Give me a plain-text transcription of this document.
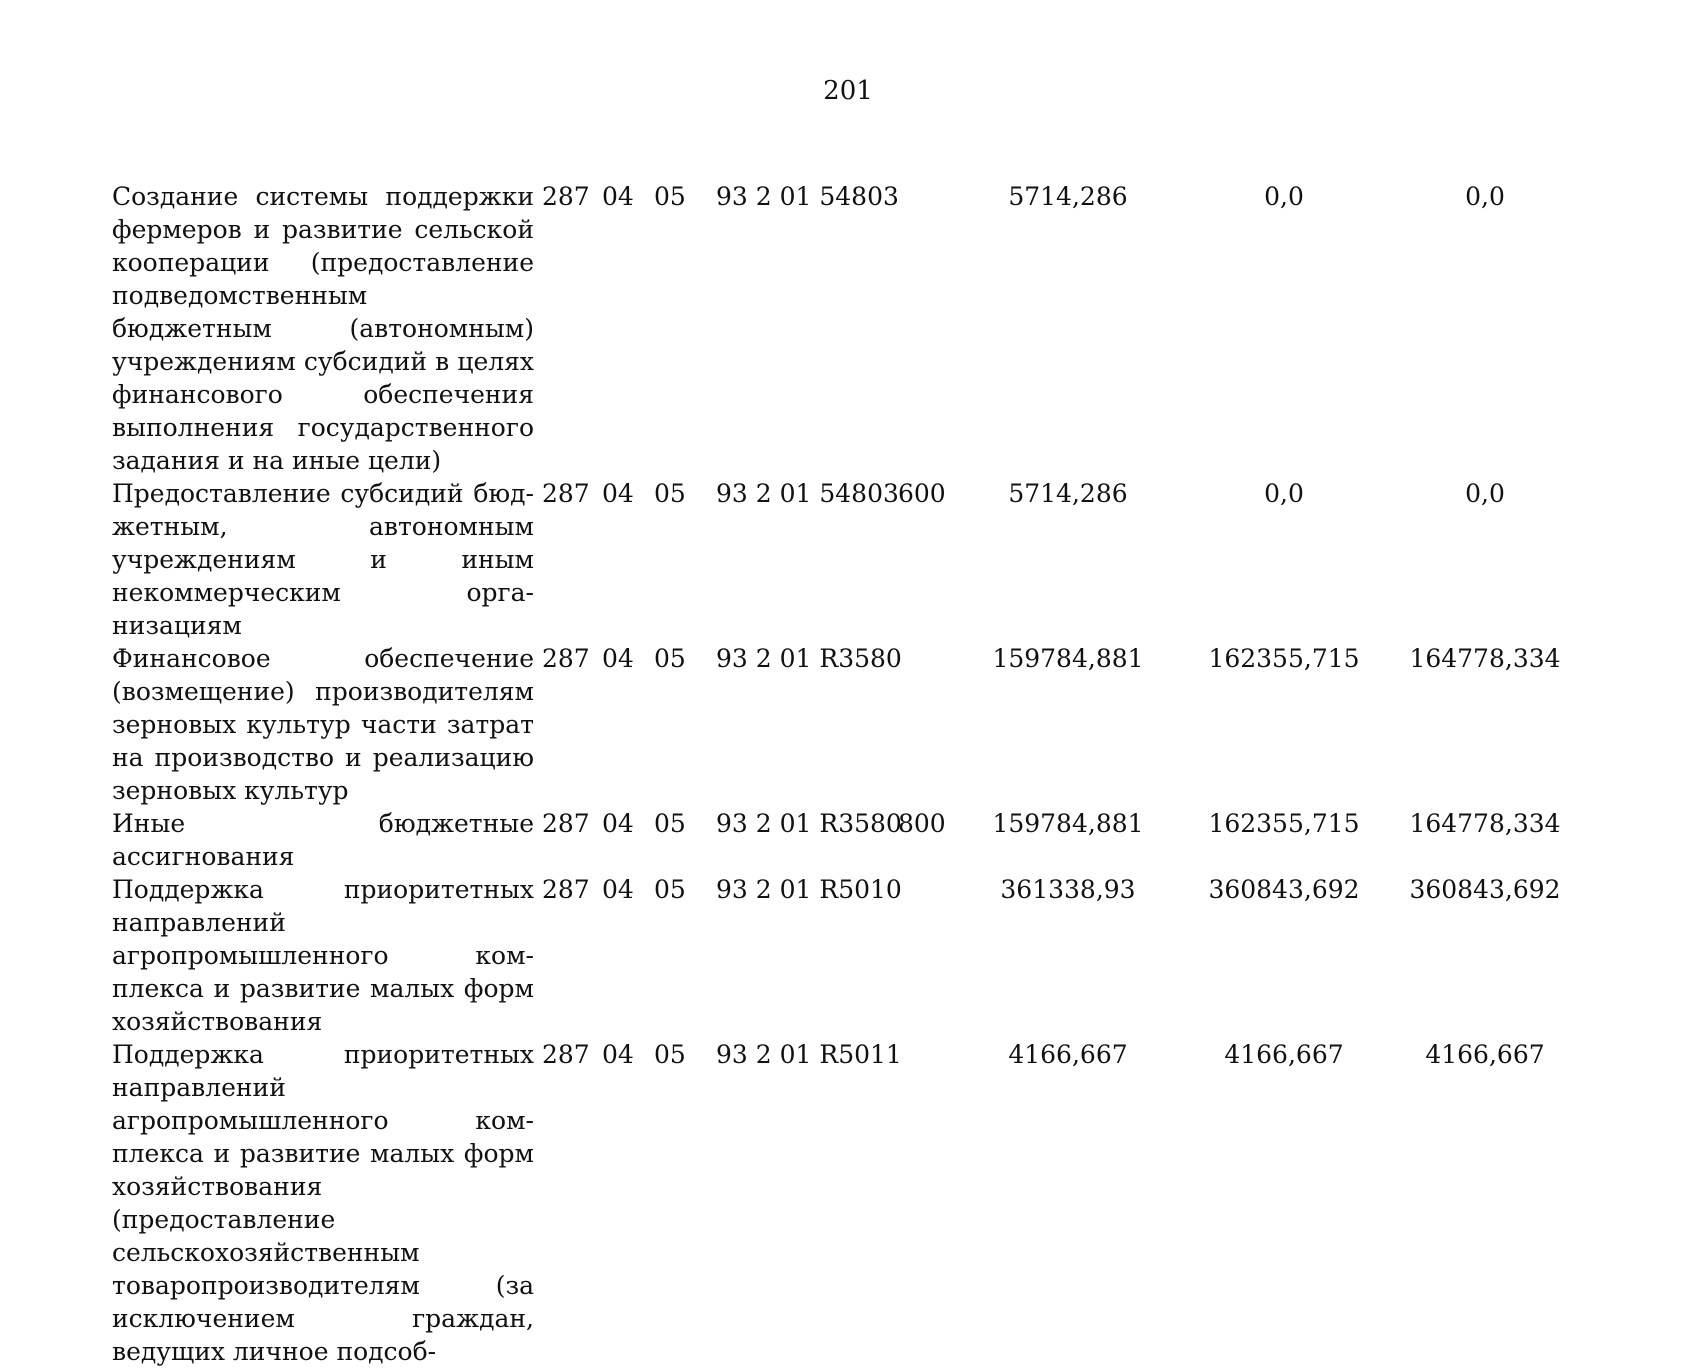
201
Создание системы поддержки фермеров и развитие сельской кооперации (предоставление подведомственным бюджетным (автономным) учреждениям субсидий в целях финансового обеспечения выполнения государственного задания и на иные цели)	287	04	05	93 2 01 54803		5714,286	0,0	0,0
Предоставление субсидий бюджетным, автономным учреждениям и иным некоммерческим организациям	287	04	05	93 2 01 54803	600	5714,286	0,0	0,0
Финансовое обеспечение (возмещение) производителям зерновых культур части затрат на производство и реализацию зерновых культур	287	04	05	93 2 01 R3580		159784,881	162355,715	164778,334
Иные бюджетные ассигнования	287	04	05	93 2 01 R3580	800	159784,881	162355,715	164778,334
Поддержка приоритетных направлений агропромышленного комплекса и развитие малых форм хозяйствования	287	04	05	93 2 01 R5010		361338,93	360843,692	360843,692
Поддержка приоритетных направлений агропромышленного комплекса и развитие малых форм хозяйствования (предоставление сельскохозяйственным товаропроизводителям (за исключением граждан, ведущих личное подсоб-	287	04	05	93 2 01 R5011		4166,667	4166,667	4166,667
